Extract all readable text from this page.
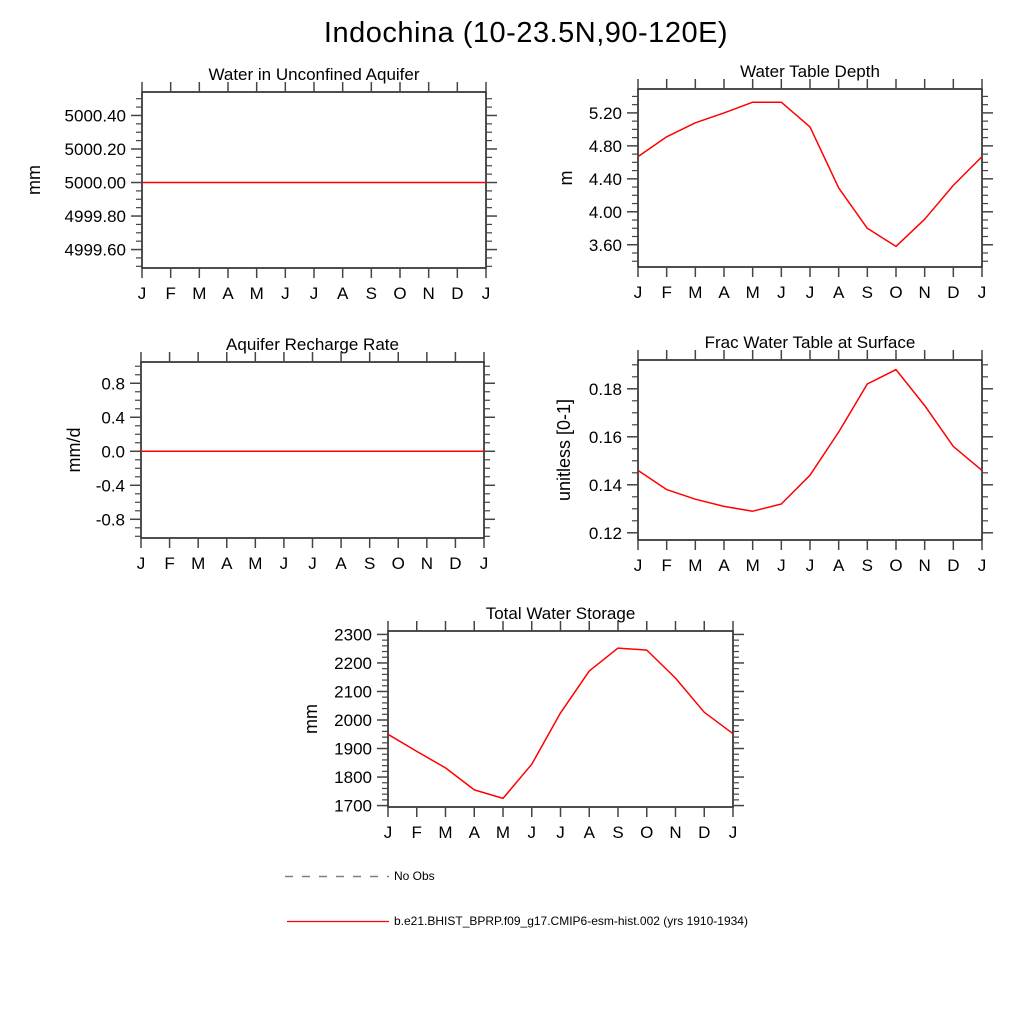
Indochina (10-23.5N,90-120E)
Water in Unconfined Aquifer
mm
J F M A M J J A S O N D J
4999.60
4999.80
5000.00
5000.20
5000.40
Water Table Depth
m
J F M A M J J A S O N D J
3.60
4.00
4.40
4.80
5.20
Aquifer Recharge Rate
mm/d
J F M A M J J A S O N D J
-0.8
-0.4
0.0
0.4
0.8
Frac Water Table at Surface
unitless [0-1]
J F M A M J J A S O N D J
0.12
0.14
0.16
0.18
Total Water Storage
mm
J F M A M J J A S O N D J
1700
1800
1900
2000
2100
2200
2300
No Obs
b.e21.BHIST_BPRP.f09_g17.CMIP6-esm-hist.002 (yrs 1910-1934)
